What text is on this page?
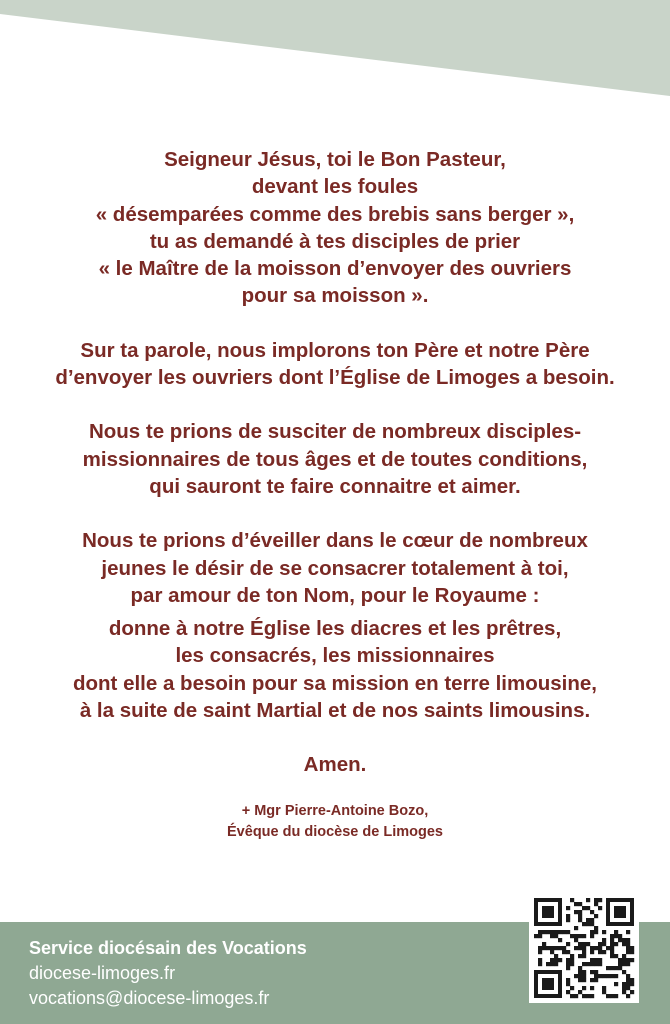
Seigneur Jésus, toi le Bon Pasteur,
devant les foules
« désemparées comme des brebis sans berger »,
tu as demandé à tes disciples de prier
« le Maître de la moisson d’envoyer des ouvriers
pour sa moisson ».
Sur ta parole, nous implorons ton Père et notre Père
d’envoyer les ouvriers dont l’Église de Limoges a besoin.
Nous te prions de susciter de nombreux disciples-
missionnaires de tous âges et de toutes conditions,
qui sauront te faire connaitre et aimer.
Nous te prions d’éveiller dans le cœur de nombreux
jeunes le désir de se consacrer totalement à toi,
par amour de ton Nom, pour le Royaume :
donne à notre Église les diacres et les prêtres,
les consacrés, les missionnaires
dont elle a besoin pour sa mission en terre limousine,
à la suite de saint Martial et de nos saints limousins.
Amen.
+ Mgr Pierre-Antoine Bozo,
Évêque du diocèse de Limoges
Service diocésain des Vocations
diocese-limoges.fr
vocations@diocese-limoges.fr
